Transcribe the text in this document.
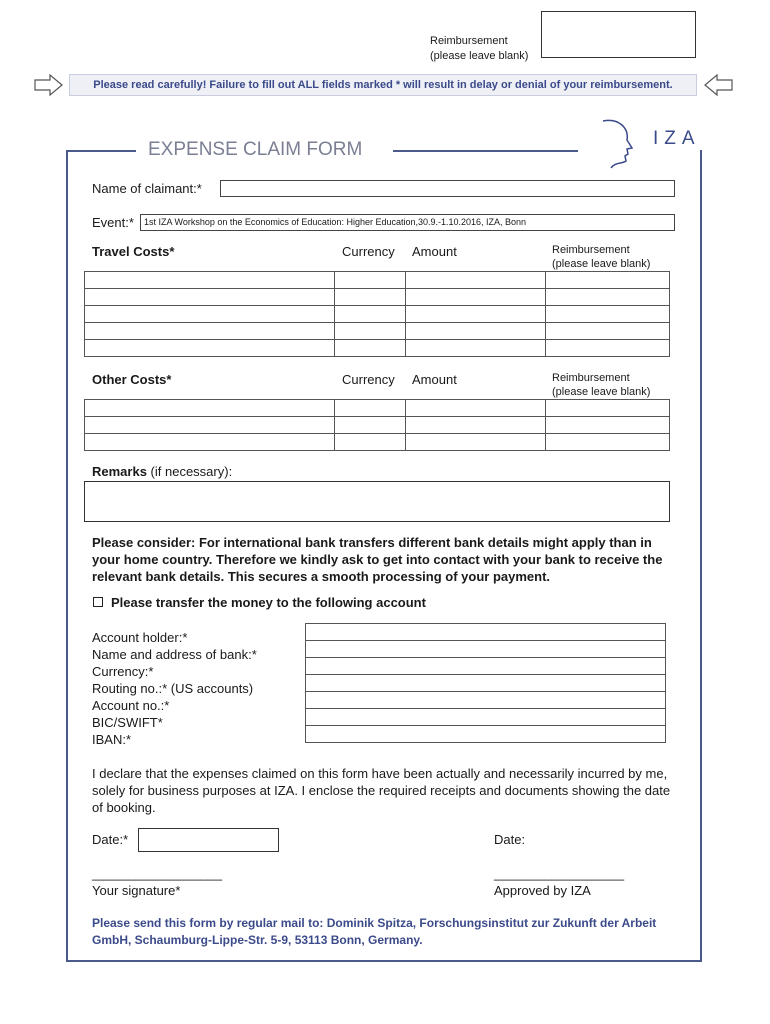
Reimbursement
(please leave blank)
Please read carefully! Failure to fill out ALL fields marked * will result in delay or denial of your reimbursement.
EXPENSE CLAIM FORM
IZA
Name of claimant:*
Event:*	1st IZA Workshop on the Economics of Education: Higher Education,30.9.-1.10.2016, IZA, Bonn
Travel Costs*	Currency Amount	Reimbursement
(please leave blank)

Other Costs*	Currency Amount	Reimbursement
(please leave blank)

Remarks (if necessary):
Please consider: For international bank transfers different bank details might apply than in your home country. Therefore we kindly ask to get into contact with your bank to receive the relevant bank details. This secures a smooth processing of your payment.
Please transfer the money to the following account
Account holder:*
Name and address of bank:*
Currency:*
Routing no.:* (US accounts)
Account no.:*
BIC/SWIFT*
IBAN:*

I declare that the expenses claimed on this form have been actually and necessarily incurred by me, solely for business purposes at IZA. I enclose the required receipts and documents showing the date of booking.
Date:*	Date:
__________________	__________________
Your signature*	Approved by IZA
Please send this form by regular mail to: Dominik Spitza, Forschungsinstitut zur Zukunft der Arbeit GmbH, Schaumburg-Lippe-Str. 5-9, 53113 Bonn, Germany.
